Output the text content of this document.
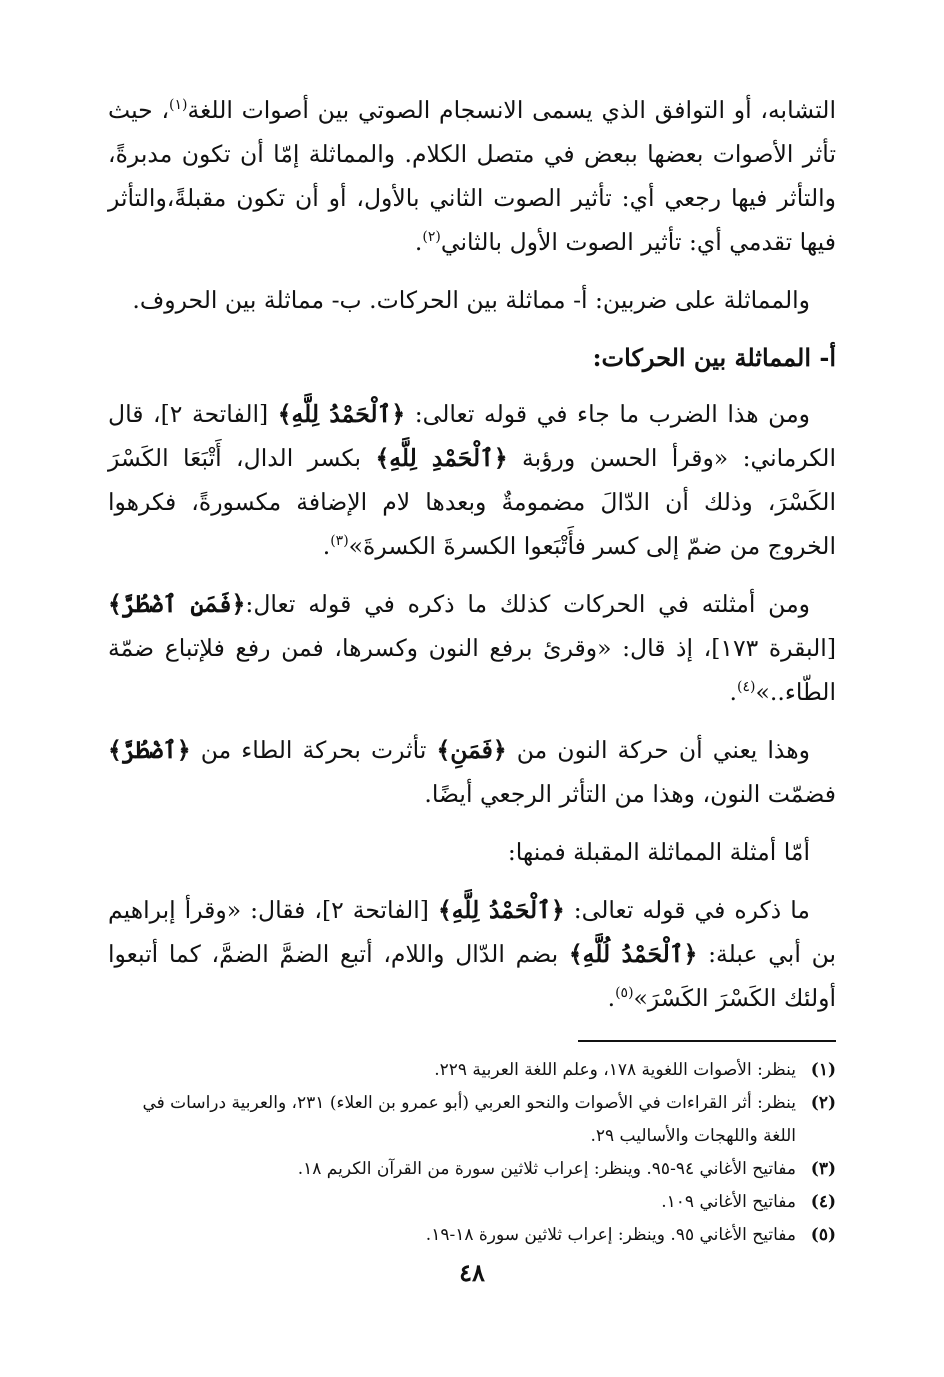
التشابه، أو التوافق الذي يسمى الانسجام الصوتي بين أصوات اللغة$^{(١)}$، حيث تأثر الأصوات بعضها ببعض في متصل الكلام. والمماثلة إمّا أن تكون مدبرةً، والتأثر فيها رجعي أي: تأثير الصوت الثاني بالأول، أو أن تكون مقبلةً،والتأثر فيها تقدمي أي: تأثير الصوت الأول بالثاني$^{(٢)}$.

والمماثلة على ضربين: أ- مماثلة بين الحركات. ب- مماثلة بين الحروف.

أ- المماثلة بين الحركات:

ومن هذا الضرب ما جاء في قوله تعالى: ﴿ٱلْحَمْدُ لِلَّهِ﴾ [الفاتحة ٢]، قال الكرماني: «وقرأ الحسن ورؤبة ﴿ٱلْحَمْدِ لِلَّهِ﴾ بكسر الدال، أَتْبَعَا الكَسْرَ الكَسْرَ، وذلك أن الدّالَ مضمومةٌ وبعدها لام الإضافة مكسورةً، فكرهوا الخروج من ضمّ إلى كسر فأَتْبَعوا الكسرةَ الكسرةَ»$^{(٣)}$.

ومن أمثلته في الحركات كذلك ما ذكره في قوله تعال:﴿فَمَنِ ٱضْطُرَّ﴾ [البقرة ١٧٣]، إذ قال: «وقرئ برفع النون وكسرها، فمن رفع فلإتباع ضمّة الطّاء..»$^{(٤)}$.

وهذا يعني أن حركة النون من ﴿فَمَنِ﴾ تأثرت بحركة الطاء من ﴿ٱضْطُرَّ﴾ فضمّت النون، وهذا من التأثر الرجعي أيضًا.

أمّا أمثلة المماثلة المقبلة فمنها:

ما ذكره في قوله تعالى: ﴿ٱلْحَمْدُ لِلَّهِ﴾ [الفاتحة ٢]، فقال: «وقرأ إبراهيم بن أبي عبلة: ﴿ٱلْحَمْدُ لُلَّهِ﴾ بضم الدّال واللام، أتبع الضمَّ الضمَّ، كما أتبعوا أولئك الكَسْرَ الكَسْرَ»$^{(٥)}$.

(١)
ينظر: الأصوات اللغوية ١٧٨، وعلم اللغة العربية ٢٢٩.
(٢)
ينظر: أثر القراءات في الأصوات والنحو العربي (أبو عمرو بن العلاء) ٢٣١، والعربية دراسات في اللغة واللهجات والأساليب ٢٩.
(٣)
مفاتيح الأغاني ٩٤-٩٥. وينظر: إعراب ثلاثين سورة من القرآن الكريم ١٨.
(٤)
مفاتيح الأغاني ١٠٩.
(٥)
مفاتيح الأغاني ٩٥. وينظر: إعراب ثلاثين سورة ١٨-١٩.
٤٨
